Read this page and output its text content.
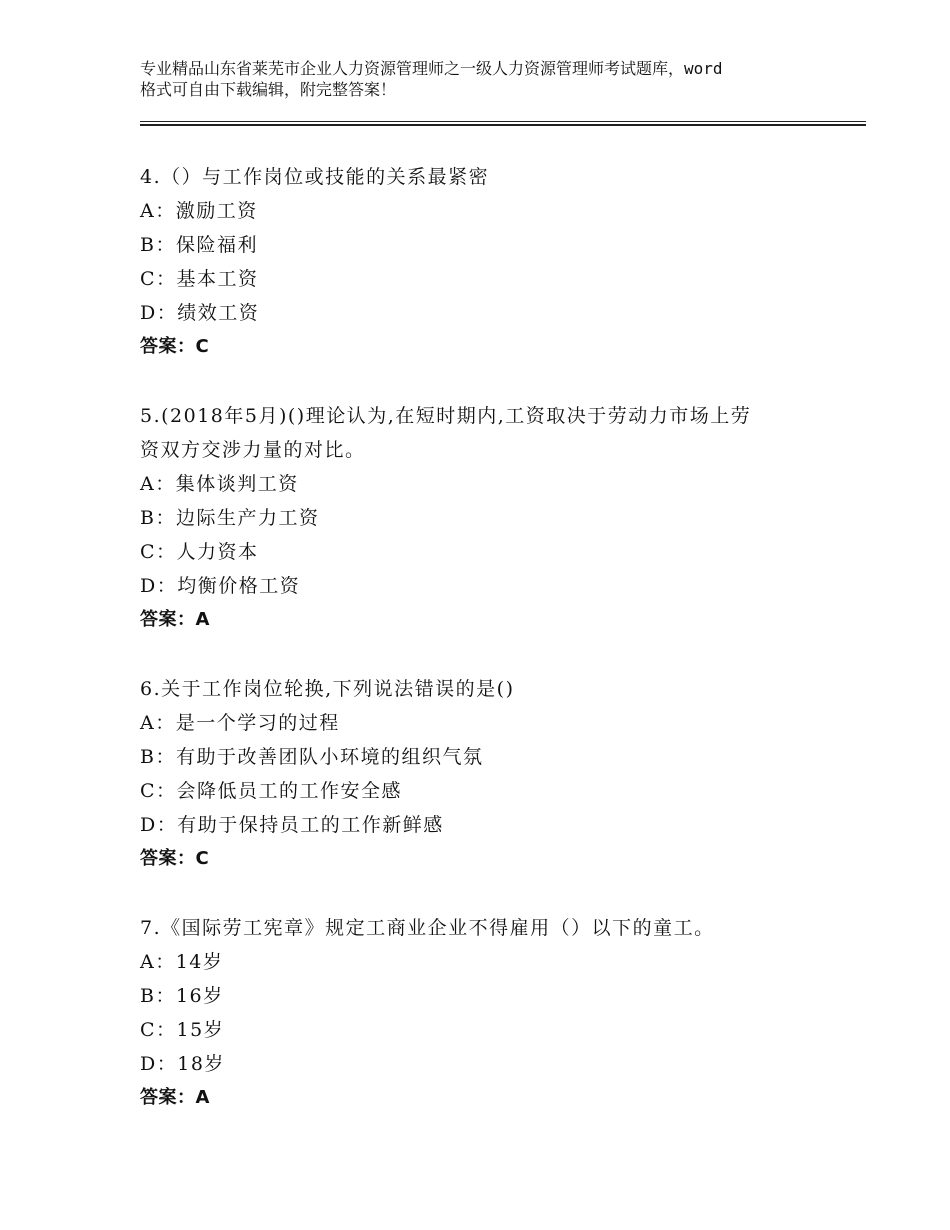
专业精品山东省莱芜市企业人力资源管理师之一级人力资源管理师考试题库，word
格式可自由下载编辑，附完整答案！
4.（）与工作岗位或技能的关系最紧密
A：激励工资
B：保险福利
C：基本工资
D：绩效工资
答案：C
5.(2018年5月)()理论认为,在短时期内,工资取决于劳动力市场上劳
资双方交涉力量的对比。
A：集体谈判工资
B：边际生产力工资
C：人力资本
D：均衡价格工资
答案：A
6.关于工作岗位轮换,下列说法错误的是()
A：是一个学习的过程
B：有助于改善团队小环境的组织气氛
C：会降低员工的工作安全感
D：有助于保持员工的工作新鲜感
答案：C
7.《国际劳工宪章》规定工商业企业不得雇用（）以下的童工。
A：14岁
B：16岁
C：15岁
D：18岁
答案：A
